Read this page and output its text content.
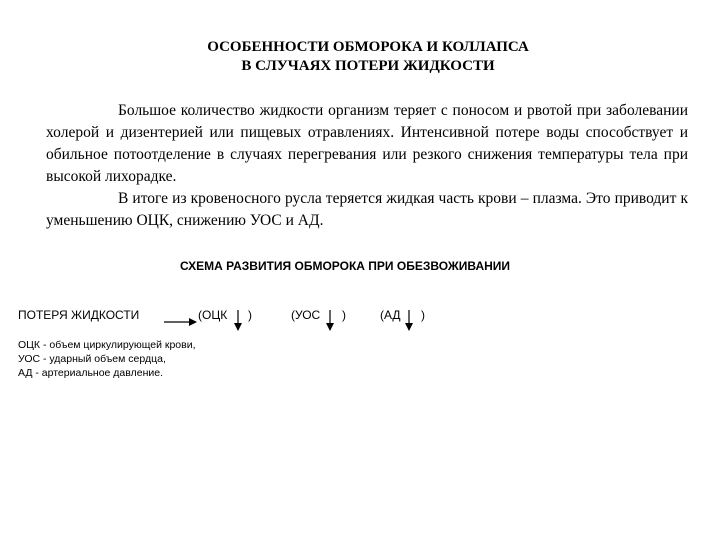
ОСОБЕННОСТИ ОБМОРОКА И КОЛЛАПСА
В СЛУЧАЯХ ПОТЕРИ ЖИДКОСТИ

Большое количество жидкости организм теряет с поносом и рвотой при заболевании холерой и дизентерией или пищевых отравлениях. Интенсивной потере воды способствует и обильное потоотделение в случаях перегревания или резкого снижения температуры тела при высокой лихорадке.

В итоге из кровеносного русла теряется жидкая часть крови – плазма. Это приводит к уменьшению ОЦК, снижению УОС и АД.

СХЕМА РАЗВИТИЯ ОБМОРОКА ПРИ ОБЕЗВОЖИВАНИИ
ПОТЕРЯ ЖИДКОСТИ	(ОЦК )	(УОС )	(АД )
ОЦК - объем циркулирующей крови,
УОС - ударный объем сердца,
АД - артериальное давление.
